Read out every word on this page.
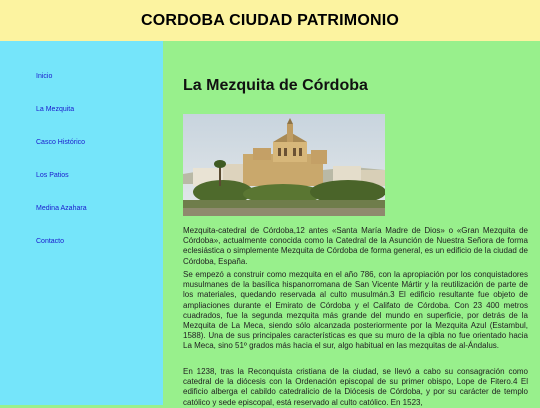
CORDOBA CIUDAD PATRIMONIO
Inicio
La Mezquita
Casco Histórico
Los Patios
Medina Azahara
Contacto
La Mezquita de Córdoba

Mezquita-catedral de Córdoba,12 antes «Santa María Madre de Dios» o «Gran Mezquita de Córdoba», actualmente conocida como la Catedral de la Asunción de Nuestra Señora de forma eclesiástica o simplemente Mezquita de Córdoba de forma general, es un edificio de la ciudad de Córdoba, España.

Se empezó a construir como mezquita en el año 786, con la apropiación por los conquistadores musulmanes de la basílica hispanorromana de San Vicente Mártir y la reutilización de parte de los materiales, quedando reservada al culto musulmán.3 El edificio resultante fue objeto de ampliaciones durante el Emirato de Córdoba y el Califato de Córdoba. Con 23 400 metros cuadrados, fue la segunda mezquita más grande del mundo en superficie, por detrás de la Mezquita de La Meca, siendo sólo alcanzada posteriormente por la Mezquita Azul (Estambul, 1588). Una de sus principales características es que su muro de la qibla no fue orientado hacia La Meca, sino 51º grados más hacia el sur, algo habitual en las mezquitas de al-Ándalus.

En 1238, tras la Reconquista cristiana de la ciudad, se llevó a cabo su consagración como catedral de la diócesis con la Ordenación episcopal de su primer obispo, Lope de Fitero.4 El edificio alberga el cabildo catedralicio de la Diócesis de Córdoba, y por su carácter de templo católico y sede episcopal, está reservado al culto católico. En 1523,
